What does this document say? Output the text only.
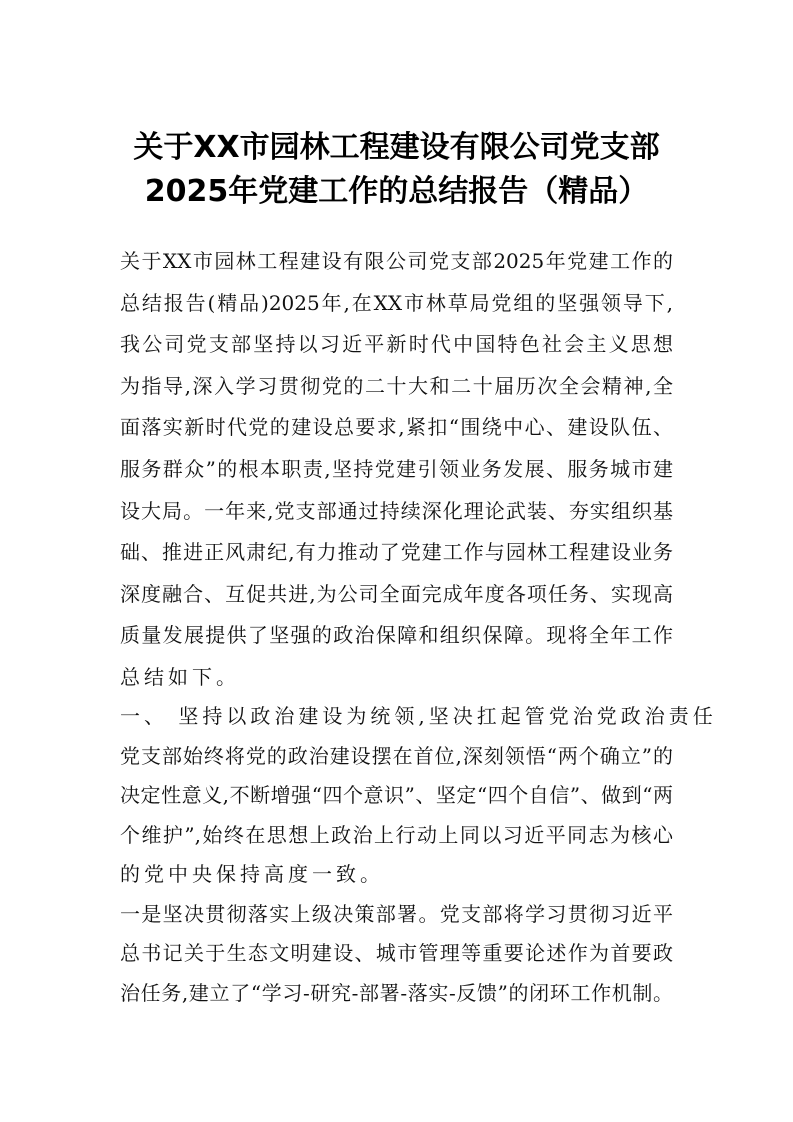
关于XX市园林工程建设有限公司党支部
2025年党建工作的总结报告（精品）
关于XX市园林工程建设有限公司党支部2025年党建工作的
总结报告(精品)2025年,在XX市林草局党组的坚强领导下,
我公司党支部坚持以习近平新时代中国特色社会主义思想
为指导,深入学习贯彻党的二十大和二十届历次全会精神,全
面落实新时代党的建设总要求,紧扣“围绕中心、建设队伍、
服务群众”的根本职责,坚持党建引领业务发展、服务城市建
设大局。一年来,党支部通过持续深化理论武装、夯实组织基
础、推进正风肃纪,有力推动了党建工作与园林工程建设业务
深度融合、互促共进,为公司全面完成年度各项任务、实现高
质量发展提供了坚强的政治保障和组织保障。现将全年工作
总结如下。
一、 坚持以政治建设为统领,坚决扛起管党治党政治责任
党支部始终将党的政治建设摆在首位,深刻领悟“两个确立”的
决定性意义,不断增强“四个意识”、坚定“四个自信”、做到“两
个维护”,始终在思想上政治上行动上同以习近平同志为核心
的党中央保持高度一致。
一是坚决贯彻落实上级决策部署。党支部将学习贯彻习近平
总书记关于生态文明建设、城市管理等重要论述作为首要政
治任务,建立了“学习-研究-部署-落实-反馈”的闭环工作机制。
